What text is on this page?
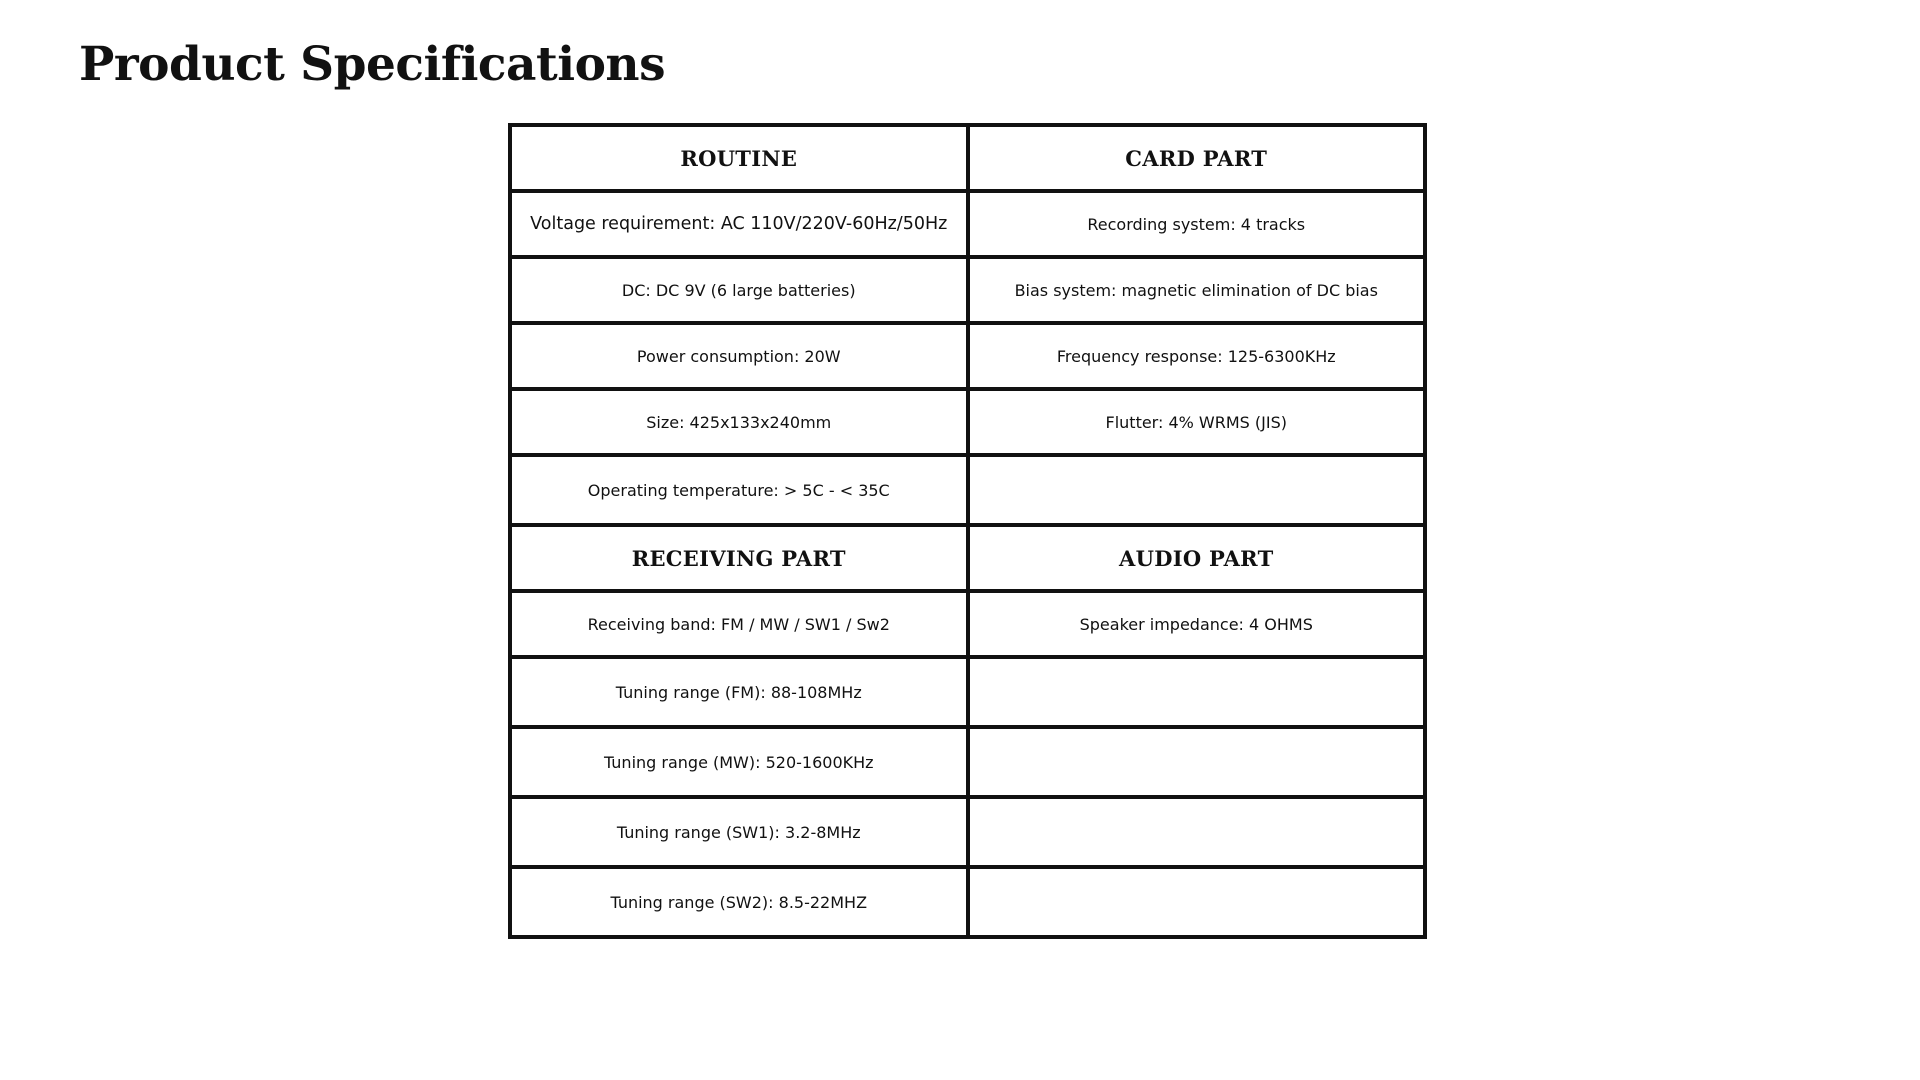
Product Specifications
ROUTINE	CARD PART
Voltage requirement: AC 110V/220V-60Hz/50Hz	Recording system: 4 tracks
DC: DC 9V (6 large batteries)	Bias system: magnetic elimination of DC bias
Power consumption: 20W	Frequency response: 125-6300KHz
Size: 425x133x240mm	Flutter: 4% WRMS (JIS)
Operating temperature: > 5C - < 35C	
RECEIVING PART	AUDIO PART
Receiving band: FM / MW / SW1 / Sw2	Speaker impedance: 4 OHMS
Tuning range (FM): 88-108MHz	
Tuning range (MW): 520-1600KHz	
Tuning range (SW1): 3.2-8MHz	
Tuning range (SW2): 8.5-22MHZ	
